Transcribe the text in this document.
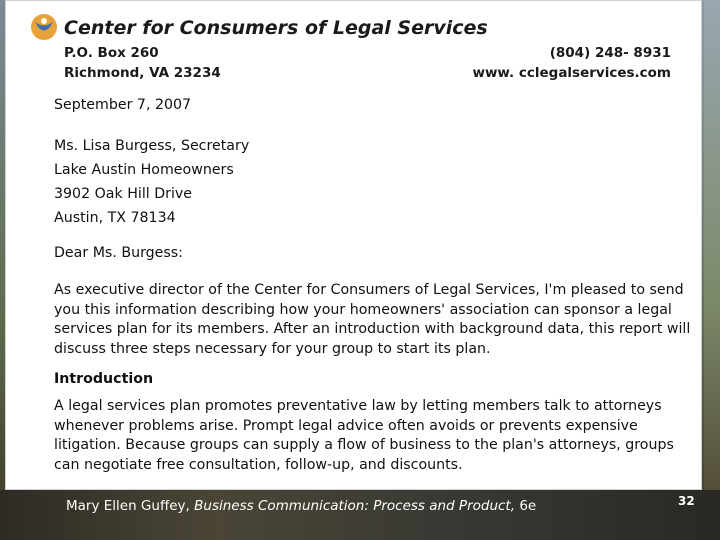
Center for Consumers of Legal Services
P.O. Box 260
Richmond, VA 23234
(804) 248- 8931
www. cclegalservices.com
September 7, 2007
Ms. Lisa Burgess, Secretary
Lake Austin Homeowners
3902 Oak Hill Drive
Austin, TX 78134
Dear Ms. Burgess:
As executive director of the Center for Consumers of Legal Services, I'm pleased to send you this information describing how your homeowners' association can sponsor a legal services plan for its members. After an introduction with background data, this report will discuss three steps necessary for your group to start its plan.
Introduction
A legal services plan promotes preventative law by letting members talk to attorneys whenever problems arise. Prompt legal advice often avoids or prevents expensive litigation. Because groups can supply a flow of business to the plan's attorneys, groups can negotiate free consultation, follow-up, and discounts.
Mary Ellen Guffey, Business Communication: Process and Product, 6e	32
